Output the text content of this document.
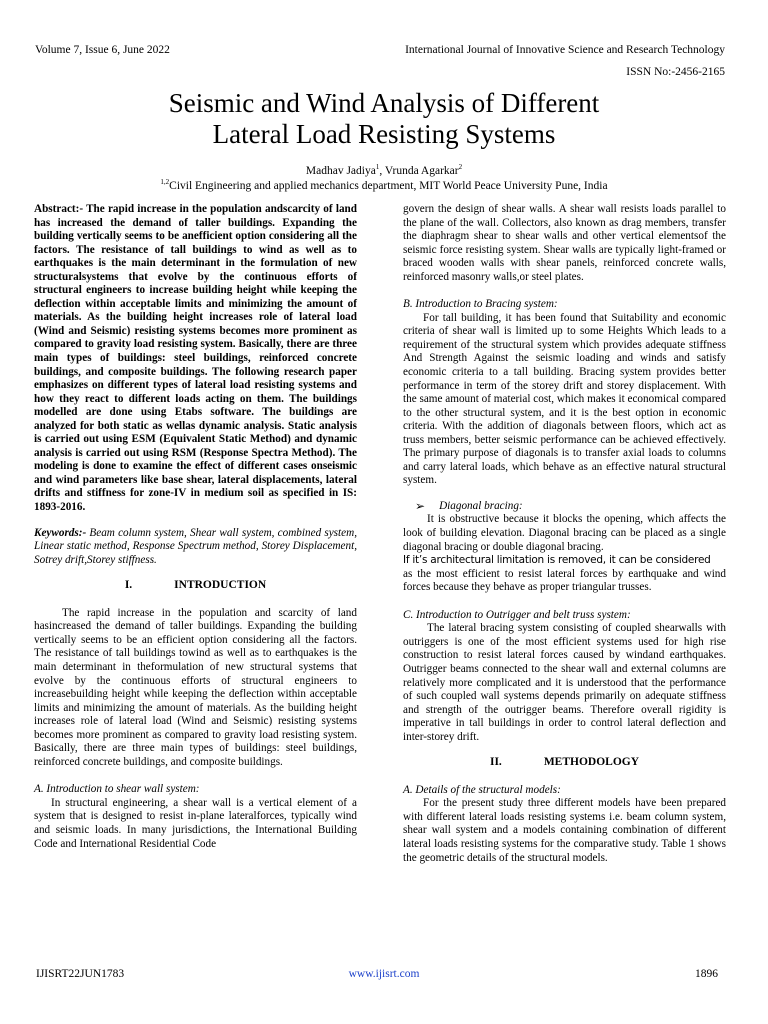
Volume 7, Issue 6, June 2022	International Journal of Innovative Science and Research Technology
ISSN No:-2456-2165
Seismic and Wind Analysis of Different
Lateral Load Resisting Systems
Madhav Jadiya$^1$, Vrunda Agarkar$^2$
$^{1,2}$Civil Engineering and applied mechanics department, MIT World Peace University Pune, India

Abstract:- The rapid increase in the population andscarcity of land has increased the demand of taller buildings. Expanding the building vertically seems to be anefficient option considering all the factors. The resistance of tall buildings to wind as well as to earthquakes is the main determinant in the formulation of new structuralsystems that evolve by the continuous efforts of structural engineers to increase building height while keeping the deflection within acceptable limits and minimizing the amount of materials. As the building height increases role of lateral load (Wind and Seismic) resisting systems becomes more prominent as compared to gravity load resisting system. Basically, there are three main types of buildings: steel buildings, reinforced concrete buildings, and composite buildings. The following research paper emphasizes on different types of lateral load resisting systems and how they react to different loads acting on them. The buildings modelled are done using Etabs software. The buildings are analyzed for both static as wellas dynamic analysis. Static analysis is carried out using ESM (Equivalent Static Method) and dynamic analysis is carried out using RSM (Response Spectra Method). The modeling is done to examine the effect of different cases onseismic and wind parameters like base shear, lateral displacements, lateral drifts and stiffness for zone-IV in medium soil as specified in IS: 1893-2016.

Keywords:- Beam column system, Shear wall system, combined system, Linear static method, Response Spectrum method, Storey Displacement, Sotrey drift,Storey stiffness.

I.	INTRODUCTION

The rapid increase in the population and scarcity of land hasincreased the demand of taller buildings. Expanding the building vertically seems to be an efficient option considering all the factors. The resistance of tall buildings towind as well as to earthquakes is the main determinant in theformulation of new structural systems that evolve by the continuous efforts of structural engineers to increasebuilding height while keeping the deflection within acceptable limits and minimizing the amount of materials. As the building height increases role of lateral load (Wind and Seismic) resisting systems becomes more prominent as compared to gravity load resisting system. Basically, there are three main types of buildings: steel buildings, reinforced concrete buildings, and composite buildings.

A. Introduction to shear wall system:

In structural engineering, a shear wall is a vertical element of a system that is designed to resist in-plane lateralforces, typically wind and seismic loads. In many jurisdictions, the International Building Code and International Residential Code

govern the design of shear walls. A shear wall resists loads parallel to the plane of the wall. Collectors, also known as drag members, transfer the diaphragm shear to shear walls and other vertical elementsof the seismic force resisting system. Shear walls are typically light-framed or braced wooden walls with shear panels, reinforced concrete walls, reinforced masonry walls,or steel plates.

B. Introduction to Bracing system:

For tall building, it has been found that Suitability and economic criteria of shear wall is limited up to some Heights Which leads to a requirement of the structural system which provides adequate stiffness And Strength Against the seismic loading and winds and satisfy economic criteria to a tall building. Bracing system provides better performance in term of the storey drift and storey displacement. With the same amount of material cost, which makes it economical compared to the other structural system, and it is the best option in economic criteria. With the addition of diagonals between floors, which act as truss members, better seismic performance can be achieved effectively. The primary purpose of diagonals is to transfer axial loads to columns and carry lateral loads, which behave as an effective natural structural system.

➢ Diagonal bracing:

It is obstructive because it blocks the opening, which affects the look of building elevation. Diagonal bracing can be placed as a single diagonal bracing or double diagonal bracing.

If it’s architectural limitation is removed, it can be considered

as the most efficient to resist lateral forces by earthquake and wind forces because they behave as proper triangular trusses.

C. Introduction to Outrigger and belt truss system:

The lateral bracing system consisting of coupled shearwalls with outriggers is one of the most efficient systems used for high rise construction to resist lateral forces caused by windand earthquakes. Outrigger beams connected to the shear wall and external columns are relatively more complicated and it is understood that the performance of such coupled wall systems depends primarily on adequate stiffness and strength of the outrigger beams. Therefore overall rigidity is imperative in tall buildings in order to control lateral deflection and inter-storey drift.

II.	METHODOLOGY

A. Details of the structural models:

For the present study three different models have been prepared with different lateral loads resisting systems i.e. beam column system, shear wall system and a models containing combination of different lateral loads resisting systems for the comparative study. Table 1 shows the geometric details of the structural models.

IJISRT22JUN1783	www.ijisrt.com	1896
